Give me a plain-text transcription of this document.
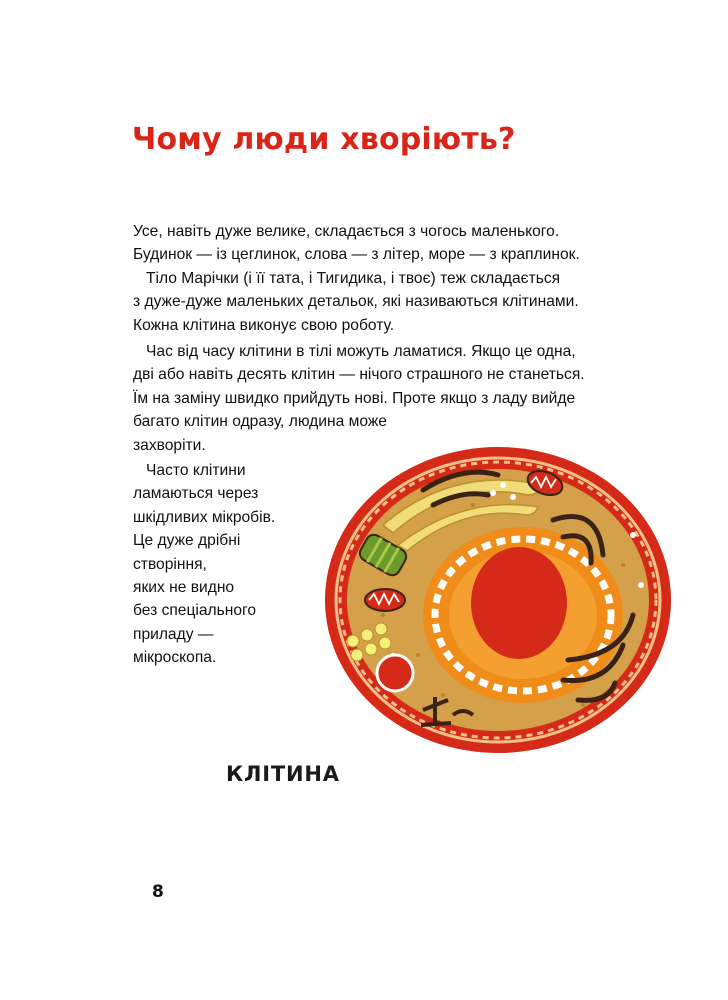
Чому люди хворіють?

Усе, навіть дуже велике, складається з чогось маленького.
Будинок — із цеглинок, слова — з літер, море — з краплинок.

Тіло Марічки (і її тата, і Тигидика, і твоє) теж складається
з дуже-дуже маленьких детальок, які називаються клітинами.
Кожна клітина виконує свою роботу.

Час від часу клітини в тілі можуть ламатися. Якщо це одна,
дві або навіть десять клітин — нічого страшного не станеться.
Їм на заміну швидко прийдуть нові. Проте якщо з ладу вийде
багато клітин одразу, людина може
захворіти.

Часто клітини
ламаються через
шкідливих мікробів.
Це дуже дрібні
створіння,
яких не видно
без спеціального
приладу —
мікроскопа.

КЛІТИНА
8
